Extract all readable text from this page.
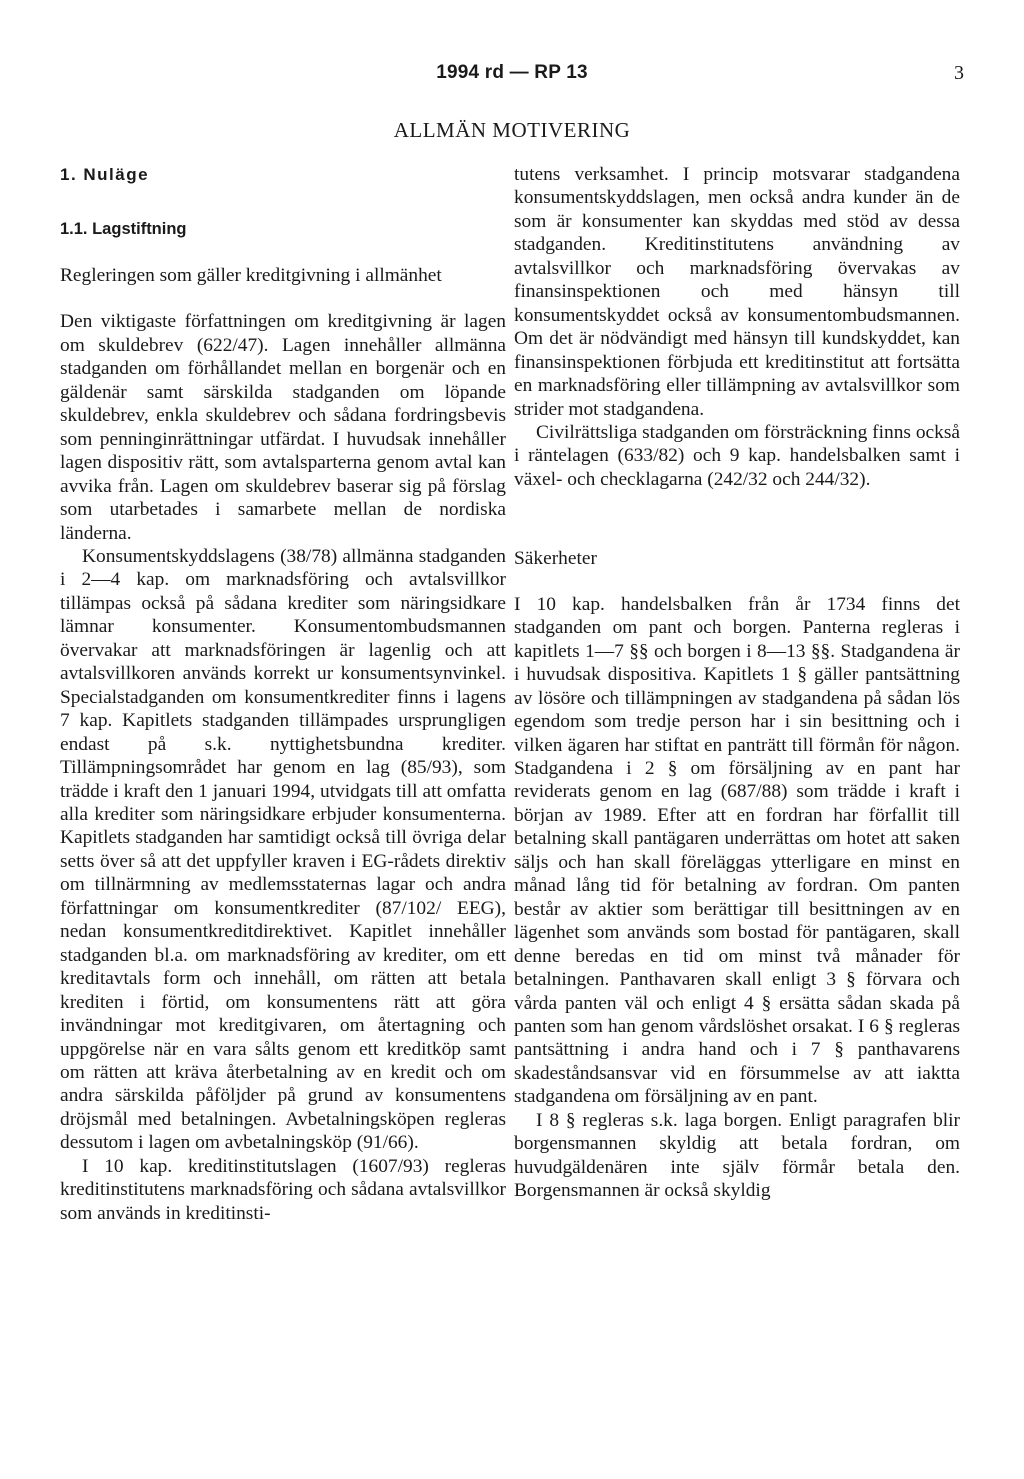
1994 rd — RP 13	3
ALLMÄN MOTIVERING
1. Nuläge
1.1. Lagstiftning

Regleringen som gäller kreditgivning i allmänhet

Den viktigaste författningen om kreditgivning är lagen om skuldebrev (622/47). Lagen innehåller allmänna stadganden om förhållandet mellan en borgenär och en gäldenär samt särskilda stadganden om löpande skuldebrev, enkla skuldebrev och sådana fordringsbevis som penninginrättningar utfärdat. I huvudsak innehåller lagen dispositiv rätt, som avtalsparterna genom avtal kan avvika från. Lagen om skuldebrev baserar sig på förslag som utarbetades i samarbete mellan de nordiska länderna.

Konsumentskyddslagens (38/78) allmänna stadganden i 2—4 kap. om marknadsföring och avtalsvillkor tillämpas också på sådana krediter som näringsidkare lämnar konsumenter. Konsumentombudsmannen övervakar att marknadsföringen är lagenlig och att avtalsvillkoren används korrekt ur konsumentsynvinkel. Specialstadganden om konsumentkrediter finns i lagens 7 kap. Kapitlets stadganden tillämpades ursprungligen endast på s.k. nyttighetsbundna krediter. Tillämpningsområdet har genom en lag (85/93), som trädde i kraft den 1 januari 1994, utvidgats till att omfatta alla krediter som näringsidkare erbjuder konsumenterna. Kapitlets stadganden har samtidigt också till övriga delar setts över så att det uppfyller kraven i EG-rådets direktiv om tillnärmning av medlemsstaternas lagar och andra författningar om konsumentkrediter (87/102/ EEG), nedan konsumentkreditdirektivet. Kapitlet innehåller stadganden bl.a. om marknadsföring av krediter, om ett kreditavtals form och innehåll, om rätten att betala krediten i förtid, om konsumentens rätt att göra invändningar mot kreditgivaren, om återtagning och uppgörelse när en vara sålts genom ett kreditköp samt om rätten att kräva återbetalning av en kredit och om andra särskilda påföljder på grund av konsumentens dröjsmål med betalningen. Avbetalningsköpen regleras dessutom i lagen om avbetalningsköp (91/66).

I 10 kap. kreditinstitutslagen (1607/93) regleras kreditinstitutens marknadsföring och sådana avtalsvillkor som används in kreditinsti-

tutens verksamhet. I princip motsvarar stadgandena konsumentskyddslagen, men också andra kunder än de som är konsumenter kan skyddas med stöd av dessa stadganden. Kreditinstitutens användning av avtalsvillkor och marknadsföring övervakas av finansinspektionen och med hänsyn till konsumentskyddet också av konsumentombudsmannen. Om det är nödvändigt med hänsyn till kundskyddet, kan finansinspektionen förbjuda ett kreditinstitut att fortsätta en marknadsföring eller tillämpning av avtalsvillkor som strider mot stadgandena.

Civilrättsliga stadganden om försträckning finns också i räntelagen (633/82) och 9 kap. handelsbalken samt i växel- och checklagarna (242/32 och 244/32).

Säkerheter

I 10 kap. handelsbalken från år 1734 finns det stadganden om pant och borgen. Panterna regleras i kapitlets 1—7 §§ och borgen i 8—13 §§. Stadgandena är i huvudsak dispositiva. Kapitlets 1 § gäller pantsättning av lösöre och tillämpningen av stadgandena på sådan lös egendom som tredje person har i sin besittning och i vilken ägaren har stiftat en panträtt till förmån för någon. Stadgandena i 2 § om försäljning av en pant har reviderats genom en lag (687/88) som trädde i kraft i början av 1989. Efter att en fordran har förfallit till betalning skall pantägaren underrättas om hotet att saken säljs och han skall föreläggas ytterligare en minst en månad lång tid för betalning av fordran. Om panten består av aktier som berättigar till besittningen av en lägenhet som används som bostad för pantägaren, skall denne beredas en tid om minst två månader för betalningen. Panthavaren skall enligt 3 § förvara och vårda panten väl och enligt 4 § ersätta sådan skada på panten som han genom vårdslöshet orsakat. I 6 § regleras pantsättning i andra hand och i 7 § panthavarens skadeståndsansvar vid en försummelse av att iaktta stadgandena om försäljning av en pant.

I 8 § regleras s.k. laga borgen. Enligt paragrafen blir borgensmannen skyldig att betala fordran, om huvudgäldenären inte själv förmår betala den. Borgensmannen är också skyldig
